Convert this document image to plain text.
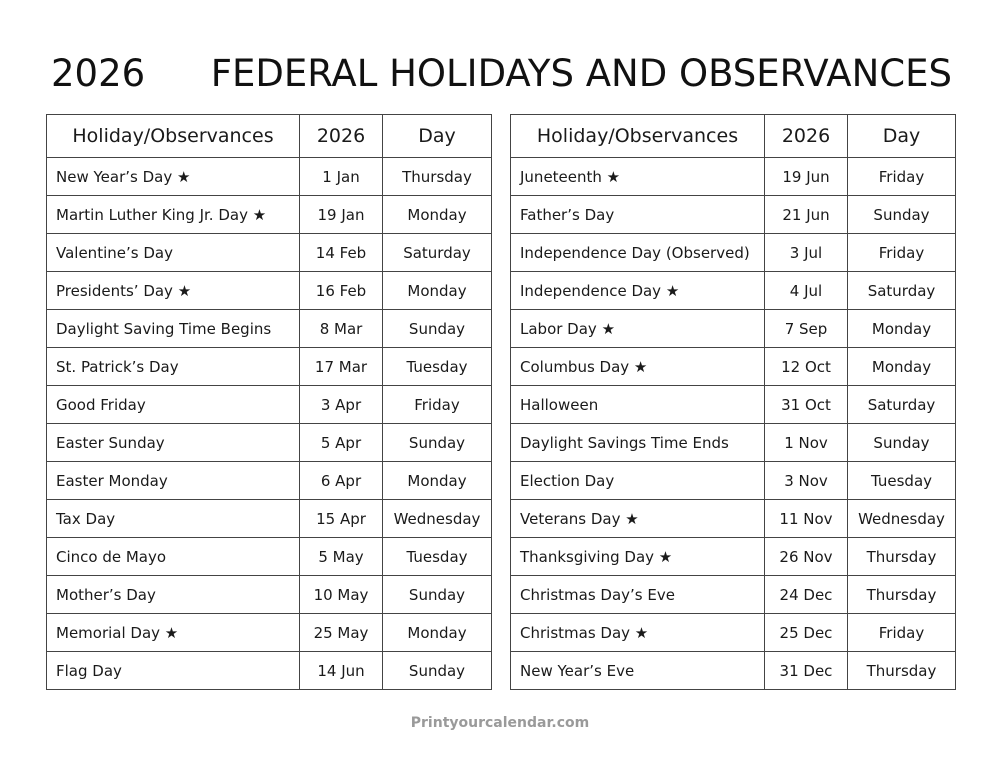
2026 FEDERAL HOLIDAYS AND OBSERVANCES
Holiday/Observances	2026	Day
New Year’s Day ★	1 Jan	Thursday
Martin Luther King Jr. Day ★	19 Jan	Monday
Valentine’s Day	14 Feb	Saturday
Presidents’ Day ★	16 Feb	Monday
Daylight Saving Time Begins	8 Mar	Sunday
St. Patrick’s Day	17 Mar	Tuesday
Good Friday	3 Apr	Friday
Easter Sunday	5 Apr	Sunday
Easter Monday	6 Apr	Monday
Tax Day	15 Apr	Wednesday
Cinco de Mayo	5 May	Tuesday
Mother’s Day	10 May	Sunday
Memorial Day ★	25 May	Monday
Flag Day	14 Jun	Sunday
Holiday/Observances	2026	Day
Juneteenth ★	19 Jun	Friday
Father’s Day	21 Jun	Sunday
Independence Day (Observed)	3 Jul	Friday
Independence Day ★	4 Jul	Saturday
Labor Day ★	7 Sep	Monday
Columbus Day ★	12 Oct	Monday
Halloween	31 Oct	Saturday
Daylight Savings Time Ends	1 Nov	Sunday
Election Day	3 Nov	Tuesday
Veterans Day ★	11 Nov	Wednesday
Thanksgiving Day ★	26 Nov	Thursday
Christmas Day’s Eve	24 Dec	Thursday
Christmas Day ★	25 Dec	Friday
New Year’s Eve	31 Dec	Thursday
Printyourcalendar.com
